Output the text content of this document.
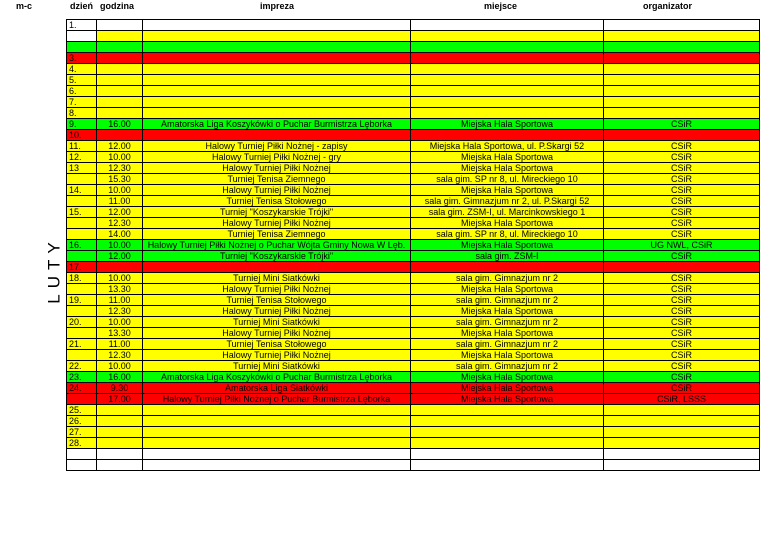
m-c	dzień godzina	impreza	miejsce	organizator
LUTY
1.				

3.				
4.				
5.				
6.				
7.				
8.				
9.	16.00	Amatorska Liga Koszykówki o Puchar Burmistrza Lęborka	Miejska Hala Sportowa	CSiR
10.				
11.	12.00	Halowy Turniej Piłki Nożnej - zapisy	Miejska Hala Sportowa, ul. P.Skargi 52	CSiR
12.	10.00	Halowy Turniej Piłki Nożnej - gry	Miejska Hala Sportowa	CSiR
13	12.30	Halowy Turniej Piłki Nożnej	Miejska Hala Sportowa	CSiR
	15.30	Turniej Tenisa Ziemnego	sala gim. SP nr 8, ul. Mireckiego 10	CSiR
14.	10.00	Halowy Turniej Piłki Nożnej	Miejska Hala Sportowa	CSiR
	11.00	Turniej Tenisa Stołowego	sala gim. Gimnazjum nr 2, ul. P.Skargi 52	CSiR
15.	12.00	Turniej "Koszykarskie Trójki"	sala gim. ZSM-I, ul. Marcinkowskiego 1	CSiR
	12.30	Halowy Turniej Piłki Nożnej	Miejska Hala Sportowa	CSiR
	14.00	Turniej Tenisa Ziemnego	sala gim. SP nr 8, ul. Mireckiego 10	CSiR
16.	10.00	Halowy Turniej Piłki Nożnej o Puchar Wójta Gminy Nowa W Lęb.	Miejska Hala Sportowa	UG NWL, CSiR
	12.00	Turniej "Koszykarskie Trójki"	sala gim. ZSM-I	CSiR
17.				
18.	10.00	Turniej Mini Siatkówki	sala gim. Gimnazjum nr 2	CSiR
	13.30	Halowy Turniej Piłki Nożnej	Miejska Hala Sportowa	CSiR
19.	11.00	Turniej Tenisa Stołowego	sala gim. Gimnazjum nr 2	CSiR
	12.30	Halowy Turniej Piłki Nożnej	Miejska Hala Sportowa	CSiR
20.	10.00	Turniej Mini Siatkówki	sala gim. Gimnazjum nr 2	CSiR
	13.30	Halowy Turniej Piłki Nożnej	Miejska Hala Sportowa	CSiR
21.	11.00	Turniej Tenisa Stołowego	sala gim. Gimnazjum nr 2	CSiR
	12.30	Halowy Turniej Piłki Nożnej	Miejska Hala Sportowa	CSiR
22.	10.00	Turniej Mini Siatkówki	sala gim. Gimnazjum nr 2	CSiR
23.	16.00	Amatorska Liga Koszykówki o Puchar Burmistrza Lęborka	Miejska Hala Sportowa	CSiR
24.	9.30	Amatorska Liga Siatkówki	Miejska Hala Sportowa	CSiR
	17.00	Halowy Turniej Piłki Nożnej o Puchar Burmistrza Lęborka	Miejska Hala Sportowa	CSiR, LSSS
25.				
26.				
27.				
28.				
